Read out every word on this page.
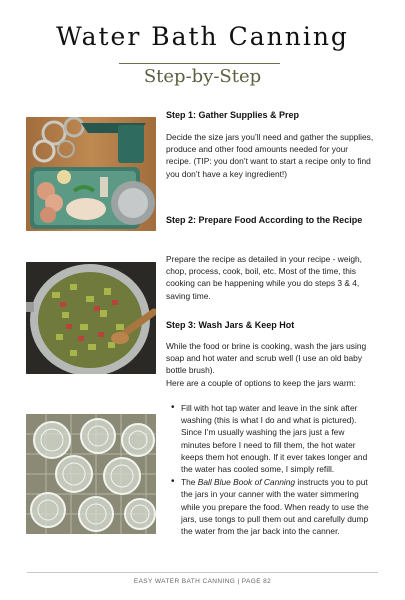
Water Bath Canning
Step-by-Step
Step 1: Gather Supplies & Prep
Decide the size jars you’ll need and gather the supplies, produce and other food amounts needed for your recipe. (TIP: you don’t want to start a recipe only to find you don’t have a key ingredient!)
Step 2: Prepare Food According to the Recipe
Prepare the recipe as detailed in your recipe - weigh, chop, process, cook, boil, etc. Most of the time, this cooking can be happening while you do steps 3 & 4, saving time.
Step 3: Wash Jars & Keep Hot
While the food or brine is cooking, wash the jars using soap and hot water and scrub well (I use an old baby bottle brush).
Here are a couple of options to keep the jars warm:
• Fill with hot tap water and leave in the sink after washing (this is what I do and what is pictured). Since I’m usually washing the jars just a few minutes before I need to fill them, the hot water keeps them hot enough. If it ever takes longer and the water has cooled some, I simply refill.
• The Ball Blue Book of Canning instructs you to put the jars in your canner with the water simmering while you prepare the food. When ready to use the jars, use tongs to pull them out and carefully dump the water from the jar back into the canner.
EASY WATER BATH CANNING | PAGE 82
